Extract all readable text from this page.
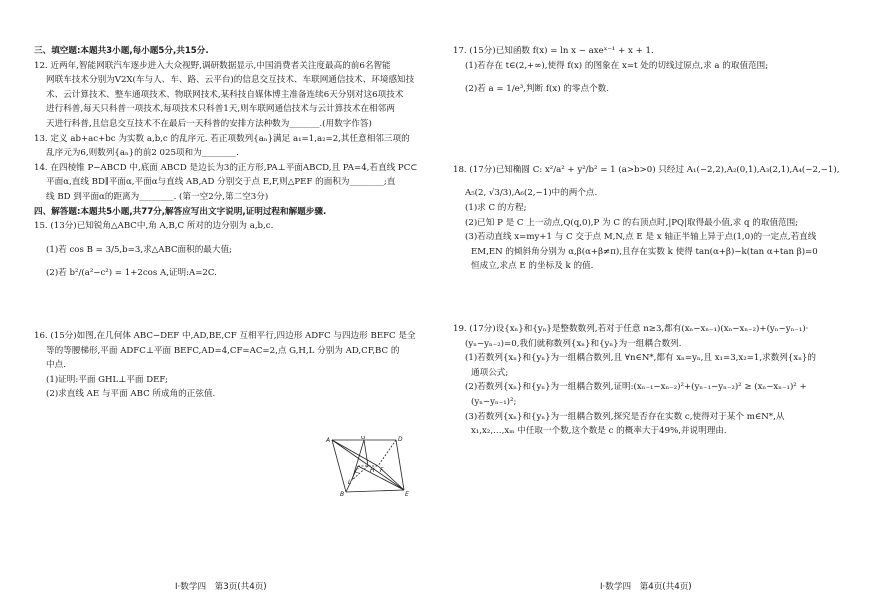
三、填空题:本题共3小题,每小题5分,共15分.

12. 近两年,智能网联汽车逐步进入大众视野,调研数据显示,中国消费者关注度最高的前6名智能

网联车技术分别为V2X(车与人、车、路、云平台)的信息交互技术、车联网通信技术、环境感知技

术、云计算技术、整车通项技术、物联网技术,某科技自媒体博主准备连续6天分别对这6项技术

进行科普,每天只科普一项技术,每项技术只科普1天,则车联网通信技术与云计算技术在相邻两

天进行科普,且信息交互技术不在最后一天科普的安排方法种数为_______.(用数字作答)

13. 定义 ab+ac+bc 为实数 a,b,c 的乱序元. 若正项数列{aₙ}满足 a₁=1,a₂=2,其任意相邻三项的

乱序元为6,则数列{aₙ}的前2 025项和为________.

14. 在四棱锥 P−ABCD 中,底面 ABCD 是边长为3的正方形,PA⊥平面ABCD,且 PA=4,若直线 PC⊂

平面α,直线 BD∥平面α,平面α与直线 AB,AD 分别交于点 E,F,则△PEF 的面积为________;直

线 BD 到平面α的距离为________. (第一空2分,第二空3分)

四、解答题:本题共5小题,共77分,解答应写出文字说明,证明过程和解题步骤.

15. (13分)已知锐角△ABC中,角 A,B,C 所对的边分别为 a,b,c.

(1)若 cos B = 3/5,b=3,求△ABC面积的最大值;

(2)若 b²/(a²−c²) = 1+2cos A,证明:A=2C.

16. (15分)如图,在几何体 ABC−DEF 中,AD,BE,CF 互相平行,四边形 ADFC 与四边形 BEFC 是全

等的等腰梯形,平面 ADFC⊥平面 BEFC,AD=4,CF=AC=2,点 G,H,L 分别为 AD,CF,BC 的

中点.

(1)证明:平面 GHL⊥平面 DEF;

(2)求直线 AE 与平面 ABC 所成角的正弦值.

A	G	D
C H F
L
B	E
Ⅰ·数学四　第3页(共4页)

17. (15分)已知函数 f(x) = ln x − axeˣ⁻¹ + x + 1.

(1)若存在 t∈(2,+∞),使得 f(x) 的图象在 x=t 处的切线过原点,求 a 的取值范围;

(2)若 a = 1/e³,判断 f(x) 的零点个数.

18. (17分)已知椭圆 C: x²/a² + y²/b² = 1 (a>b>0) 只经过 A₁(−2,2),A₂(0,1),A₃(2,1),A₄(−2,−1),

A₅(2, √3/3),A₆(2,−1)中的两个点.

(1)求 C 的方程;

(2)已知 P 是 C 上一动点,Q(q,0),P 为 C 的右顶点时,|PQ|取得最小值,求 q 的取值范围;

(3)若动直线 x=my+1 与 C 交于点 M,N,点 E 是 x 轴正半轴上异于点(1,0)的一定点,若直线

EM,EN 的倾斜角分别为 α,β(α+β≠π),且存在实数 k 使得 tan(α+β)−k(tan α+tan β)=0

恒成立,求点 E 的坐标及 k 的值.

19. (17分)设{xₙ}和{yₙ}是整数数列,若对于任意 n≥3,都有(xₙ−xₙ₋₁)(xₙ−xₙ₋₂)+(yₙ−yₙ₋₁)·

(yₙ−yₙ₋₂)=0,我们就称数列{xₙ}和{yₙ}为一组耦合数列.

(1)若数列{xₙ}和{yₙ}为一组耦合数列,且 ∀n∈N*,都有 xₙ=yₙ,且 x₁=3,x₂=1,求数列{xₙ}的

通项公式;

(2)若数列{xₙ}和{yₙ}为一组耦合数列,证明:(xₙ₋₁−xₙ₋₂)²+(yₙ₋₁−yₙ₋₂)² ≥ (xₙ−xₙ₋₁)² +

(yₙ−yₙ₋₁)²;

(3)若数列{xₙ}和{yₙ}为一组耦合数列,探究是否存在实数 c,使得对于某个 m∈N*,从

x₁,x₂,…,xₘ 中任取一个数,这个数是 c 的概率大于49%,并说明理由.

Ⅰ·数学四　第4页(共4页)
